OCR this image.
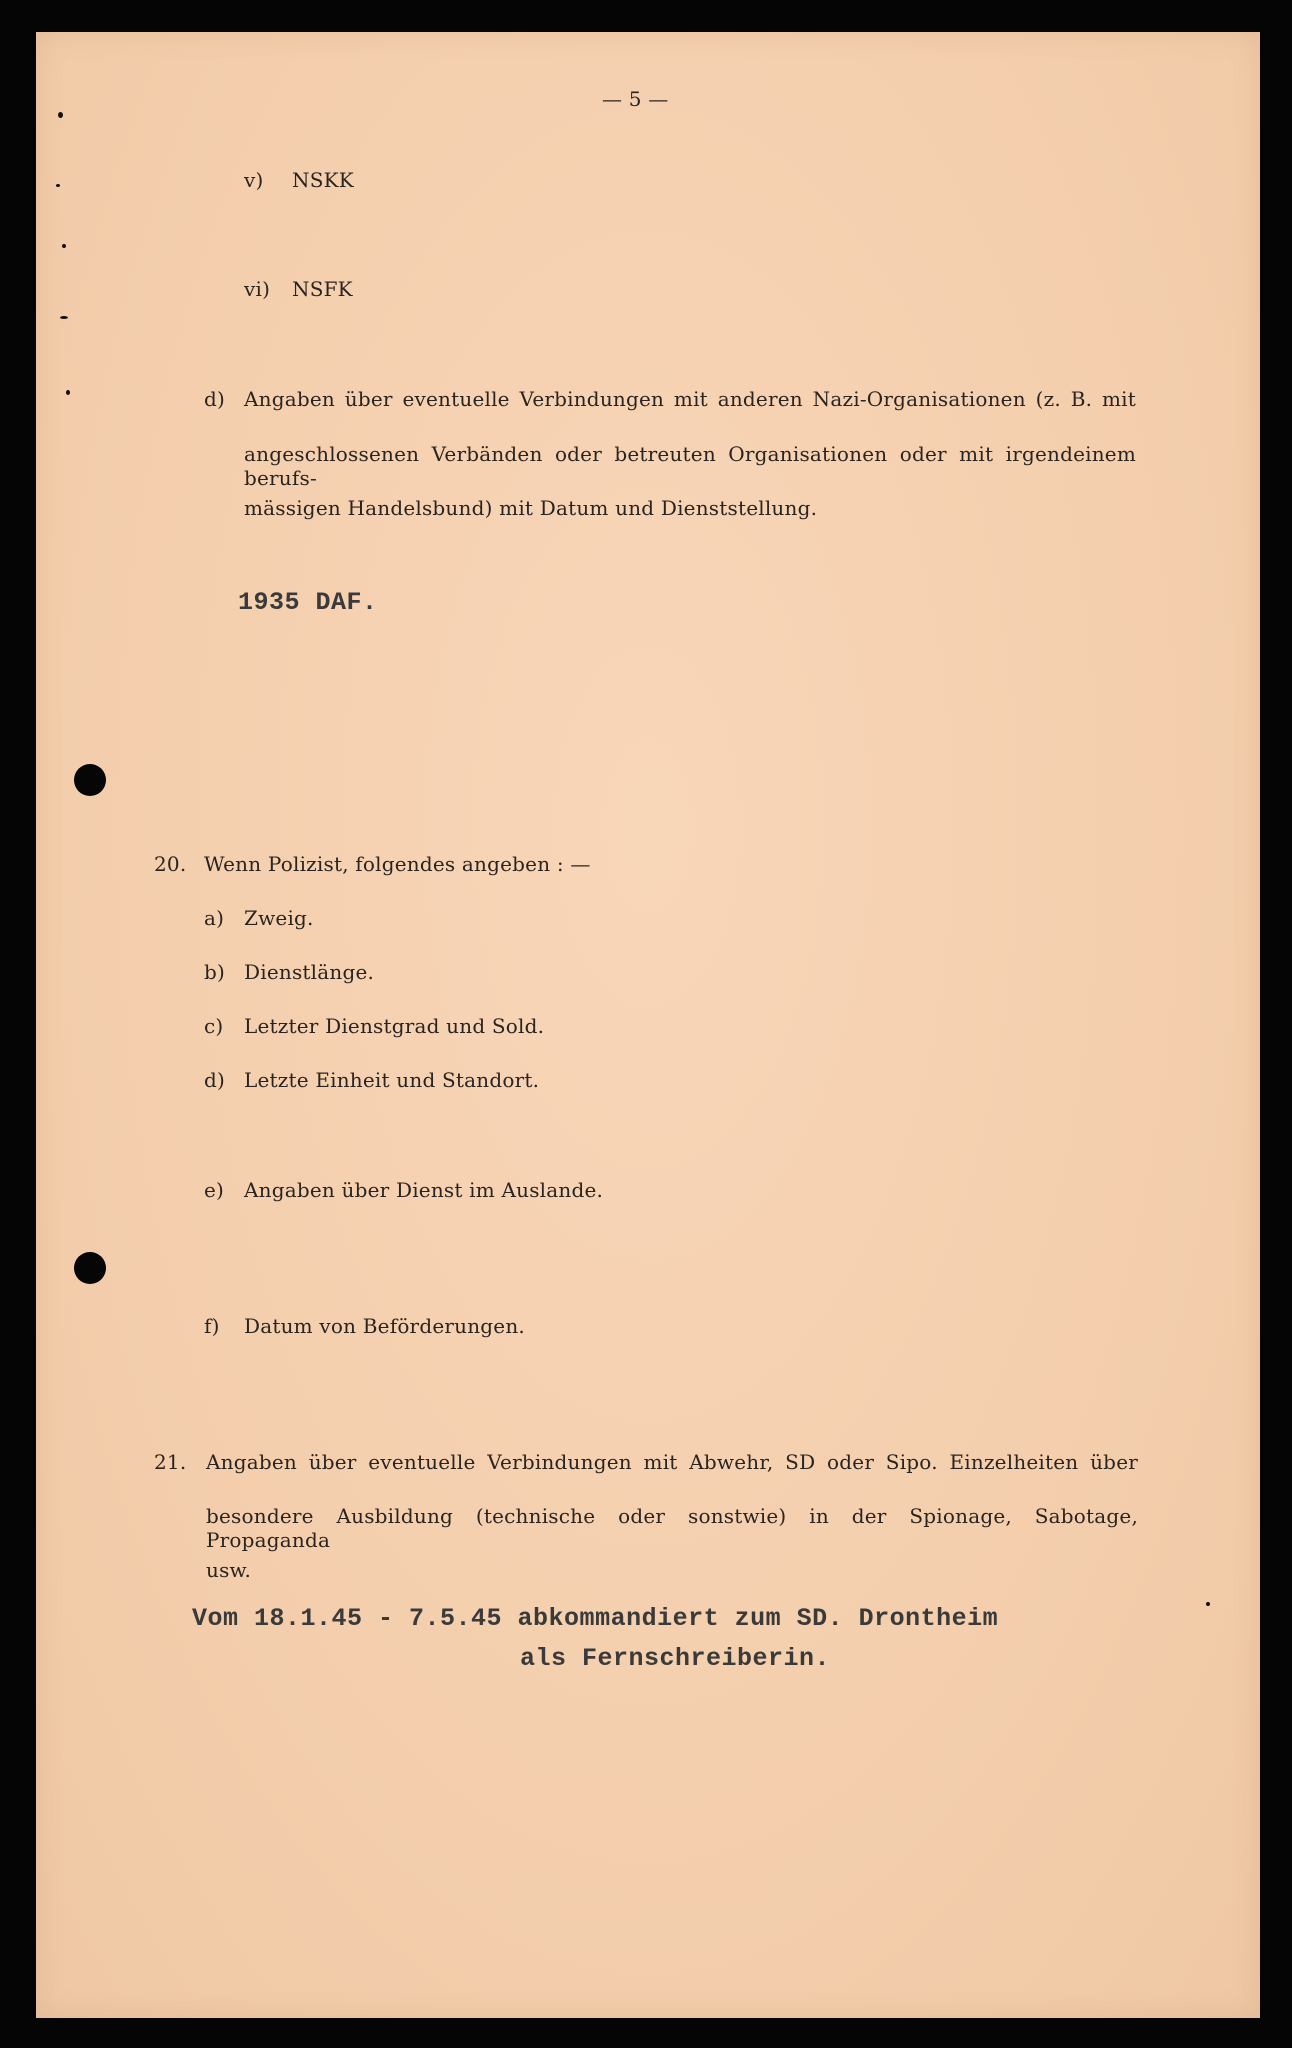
— 5 —
v) NSKK
vi) NSFK
d) Angaben über eventuelle Verbindungen mit anderen Nazi-Organisationen (z. B. mit
angeschlossenen Verbänden oder betreuten Organisationen oder mit irgendeinem berufs-
mässigen Handelsbund) mit Datum und Dienststellung.
1935 DAF.
20. Wenn Polizist, folgendes angeben : —
a) Zweig.
b) Dienstlänge.
c) Letzter Dienstgrad und Sold.
d) Letzte Einheit und Standort.
e) Angaben über Dienst im Auslande.
f) Datum von Beförderungen.
21. Angaben über eventuelle Verbindungen mit Abwehr, SD oder Sipo. Einzelheiten über
besondere Ausbildung (technische oder sonstwie) in der Spionage, Sabotage, Propaganda
usw.
Vom 18.1.45 - 7.5.45 abkommandiert zum SD. Drontheim
als Fernschreiberin.
